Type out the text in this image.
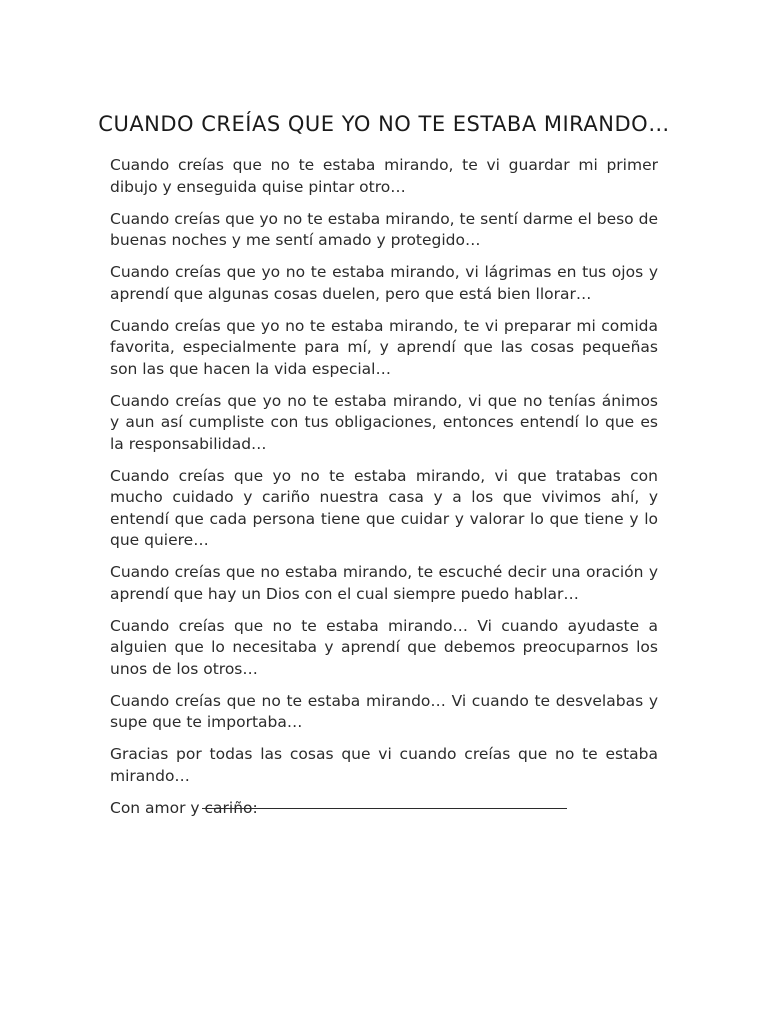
CUANDO CREÍAS QUE YO NO TE ESTABA MIRANDO…

Cuando creías que no te estaba mirando, te vi guardar mi primer dibujo y enseguida quise pintar otro…

Cuando creías que yo no te estaba mirando, te sentí darme el beso de buenas noches y me sentí amado y protegido…

Cuando creías que yo no te estaba mirando, vi lágrimas en tus ojos y aprendí que algunas cosas duelen, pero que está bien llorar…

Cuando creías que yo no te estaba mirando, te vi preparar mi comida favorita, especialmente para mí, y aprendí que las cosas pequeñas son las que hacen la vida especial…

Cuando creías que yo no te estaba mirando, vi que no tenías ánimos y aun así cumpliste con tus obligaciones, entonces entendí lo que es la responsabilidad…

Cuando creías que yo no te estaba mirando, vi que tratabas con mucho cuidado y cariño nuestra casa y a los que vivimos ahí, y entendí que cada persona tiene que cuidar y valorar lo que tiene y lo que quiere…

Cuando creías que no estaba mirando, te escuché decir una oración y aprendí que hay un Dios con el cual siempre puedo hablar…

Cuando creías que no te estaba mirando… Vi cuando ayudaste a alguien que lo necesitaba y aprendí que debemos preocuparnos los unos de los otros…

Cuando creías que no te estaba mirando… Vi cuando te desvelabas y supe que te importaba…

Gracias por todas las cosas que vi cuando creías que no te estaba mirando…

Con amor y cariño:
